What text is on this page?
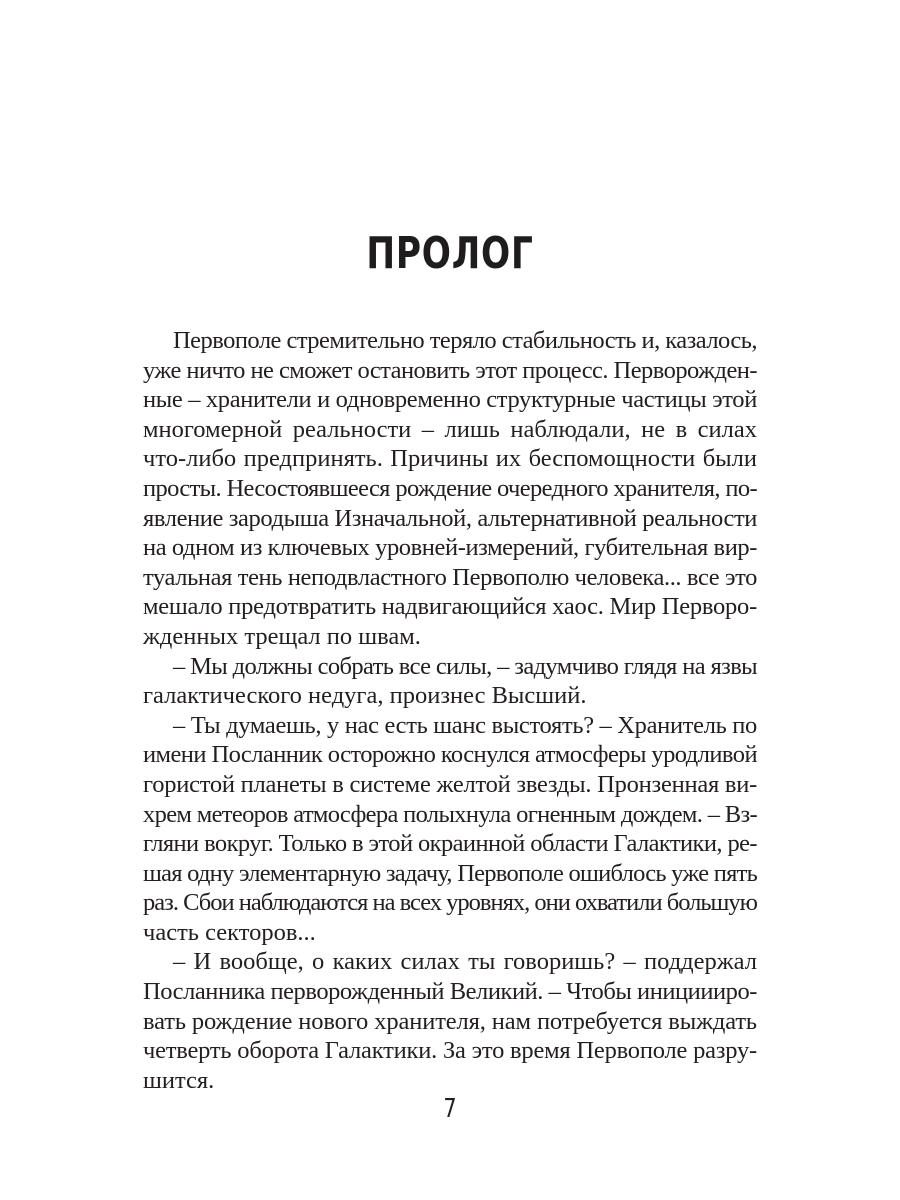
ПРОЛОГ
Первополе стремительно теряло стабильность и, казалось,
уже ничто не сможет остановить этот процесс. Перворожден-
ные – хранители и одновременно структурные частицы этой
многомерной реальности – лишь наблюдали, не в силах
что-либо предпринять. Причины их беспомощности были
просты. Несостоявшееся рождение очередного хранителя, по-
явление зародыша Изначальной, альтернативной реальности
на одном из ключевых уровней-измерений, губительная вир-
туальная тень неподвластного Первополю человека... все это
мешало предотвратить надвигающийся хаос. Мир Перворо-
жденных трещал по швам.
– Мы должны собрать все силы, – задумчиво глядя на язвы
галактического недуга, произнес Высший.
– Ты думаешь, у нас есть шанс выстоять? – Хранитель по
имени Посланник осторожно коснулся атмосферы уродливой
гористой планеты в системе желтой звезды. Пронзенная ви-
хрем метеоров атмосфера полыхнула огненным дождем. – Вз-
гляни вокруг. Только в этой окраинной области Галактики, ре-
шая одну элементарную задачу, Первополе ошиблось уже пять
раз. Сбои наблюдаются на всех уровнях, они охватили большую
часть секторов...
– И вообще, о каких силах ты говоришь? – поддержал
Посланника перворожденный Великий. – Чтобы инициииро-
вать рождение нового хранителя, нам потребуется выждать
четверть оборота Галактики. За это время Первополе разру-
шится.
7
